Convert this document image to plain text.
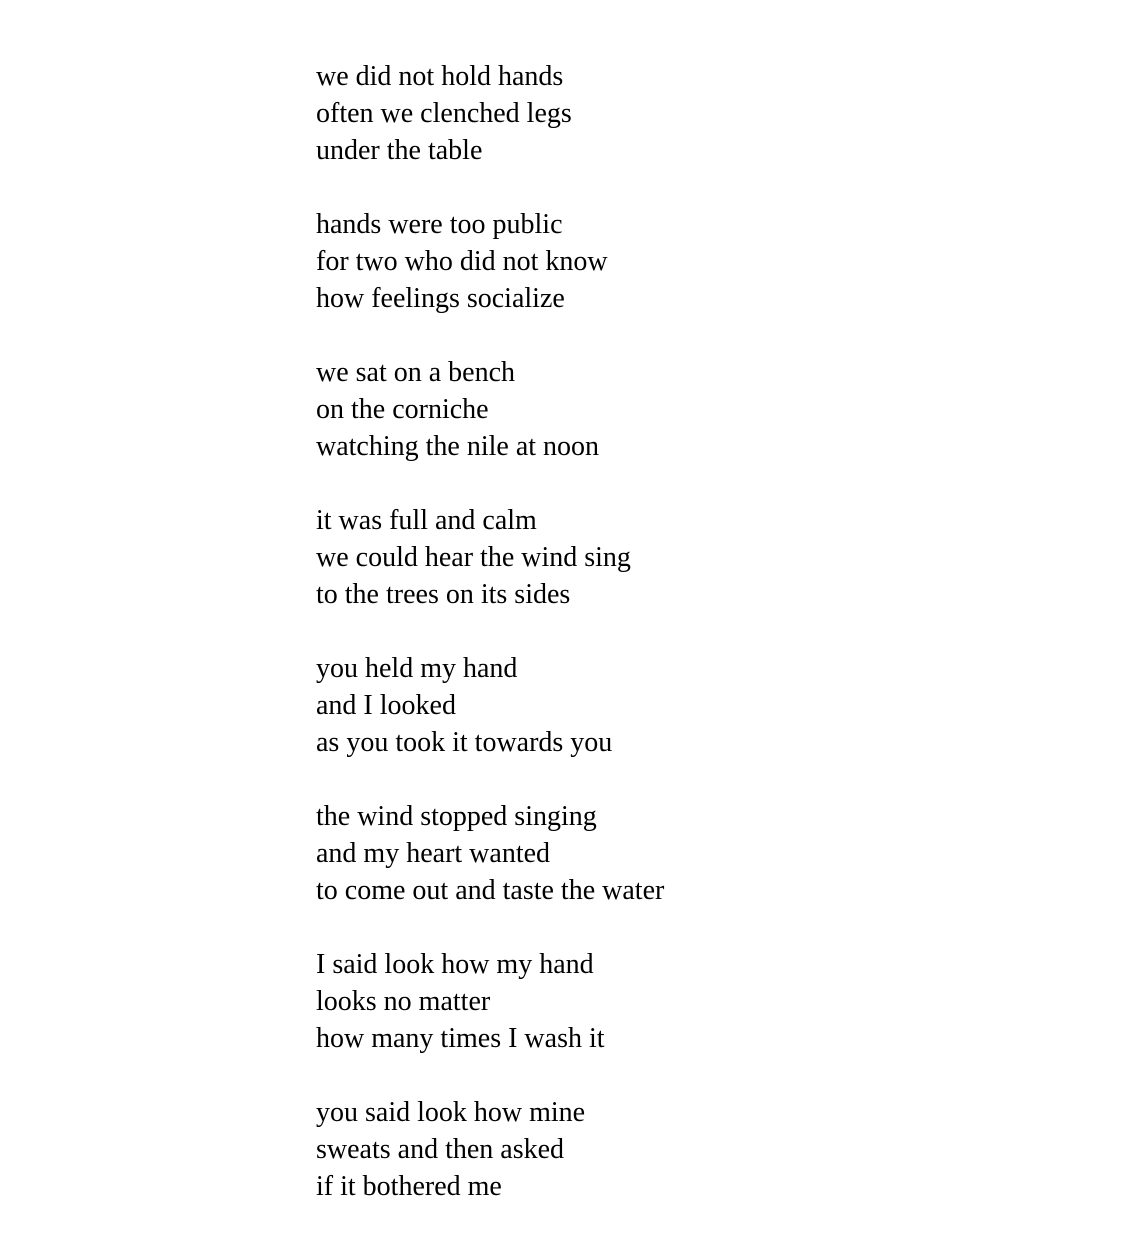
we did not hold hands
often we clenched legs
under the table
hands were too public
for two who did not know
how feelings socialize
we sat on a bench
on the corniche
watching the nile at noon
it was full and calm
we could hear the wind sing
to the trees on its sides
you held my hand
and I looked
as you took it towards you
the wind stopped singing
and my heart wanted
to come out and taste the water
I said look how my hand
looks no matter
how many times I wash it
you said look how mine
sweats and then asked
if it bothered me
